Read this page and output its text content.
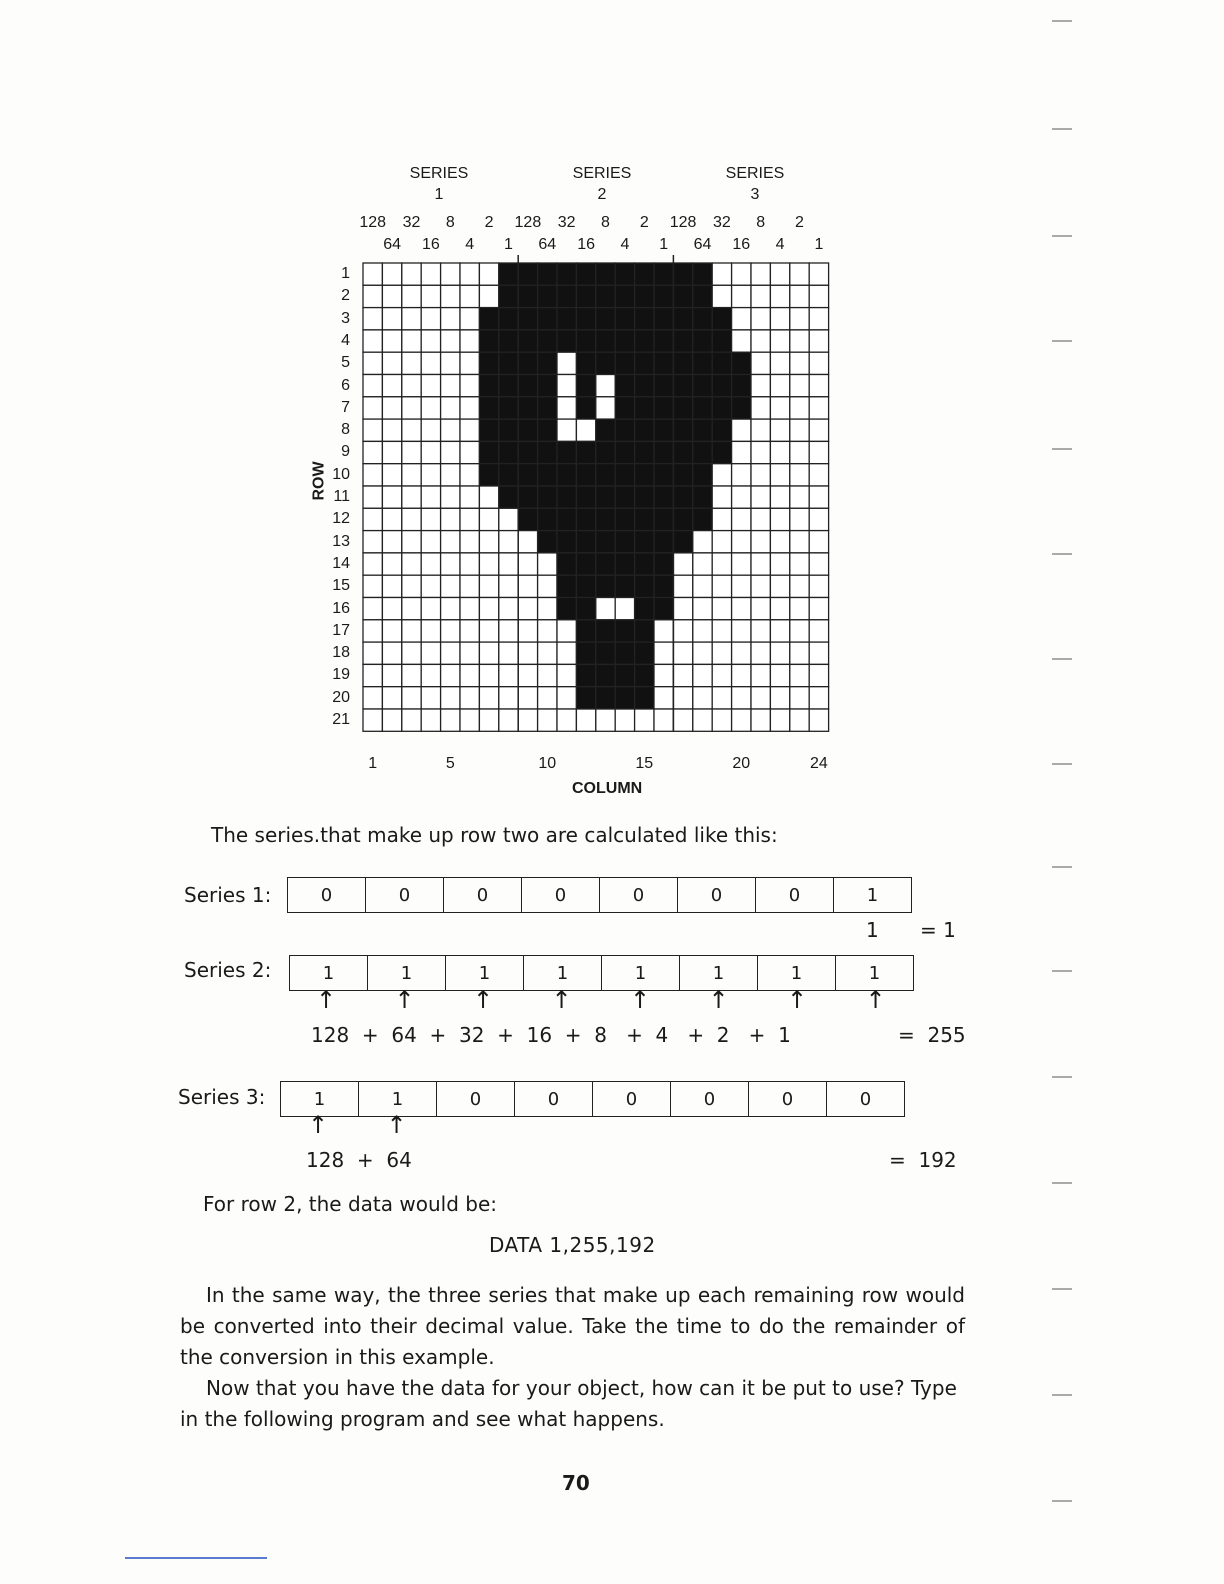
SERIES
1
SERIES
2
SERIES
3
128	32	8	2	128	32	8	2	128	32	8	2
64	16	4	1	64	16	4	1	64	16	4	1
1
2
3
4
5
6
7
8
9
10
11
12
13
14
15
16
17
18
19
20
21
ROW
1	5	10	15	20	24
COLUMN
The series.that make up row two are calculated like this:
Series 1:	0	0	0	0	0	0	0	1
1 = 1
Series 2:	1	1	1	1	1	1	1	1
↑	↑	↑	↑	↑	↑	↑	↑
128  +  64  +  32  +  16  +  8   +  4   +  2   +  1	=  255
Series 3:	1	1	0	0	0	0	0	0
↑	↑
128  +  64	=  192
For row 2, the data would be:
DATA 1,255,192
In the same way, the three series that make up each remaining row would be converted into their decimal value. Take the time to do the remainder of the conversion in this example.
Now that you have the data for your object, how can it be put to use? Type in the following program and see what happens.
70
